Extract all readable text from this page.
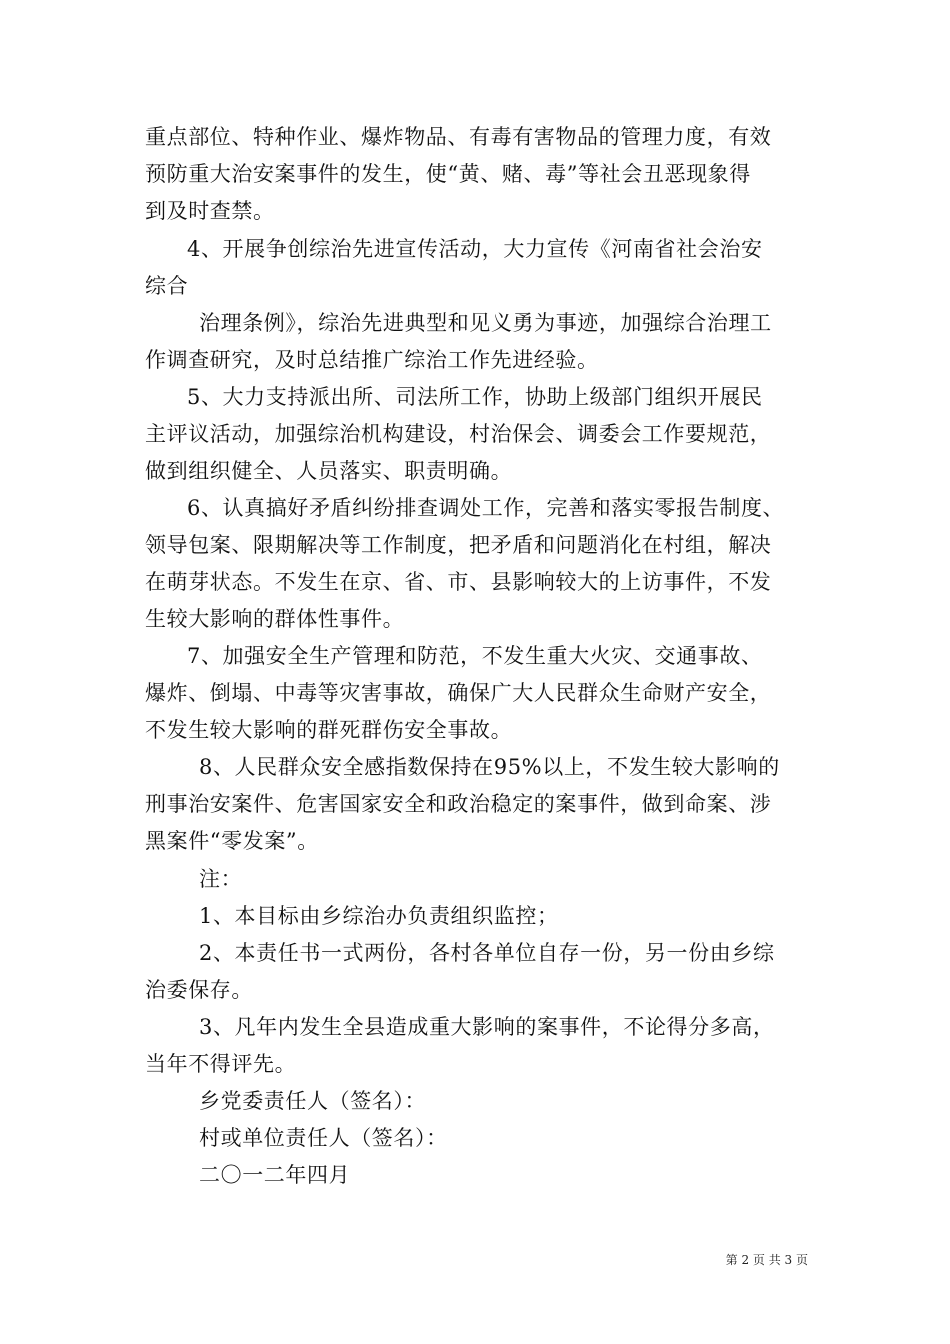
重点部位、特种作业、爆炸物品、有毒有害物品的管理力度，有效
预防重大治安案事件的发生，使“黄、赌、毒”等社会丑恶现象得
到及时查禁。
4、开展争创综治先进宣传活动，大力宣传《河南省社会治安
综合
治理条例》，综治先进典型和见义勇为事迹，加强综合治理工
作调查研究，及时总结推广综治工作先进经验。
5、大力支持派出所、司法所工作，协助上级部门组织开展民
主评议活动，加强综治机构建设，村治保会、调委会工作要规范，
做到组织健全、人员落实、职责明确。
6、认真搞好矛盾纠纷排查调处工作，完善和落实零报告制度、
领导包案、限期解决等工作制度，把矛盾和问题消化在村组，解决
在萌芽状态。不发生在京、省、市、县影响较大的上访事件，不发
生较大影响的群体性事件。
7、加强安全生产管理和防范，不发生重大火灾、交通事故、
爆炸、倒塌、中毒等灾害事故，确保广大人民群众生命财产安全，
不发生较大影响的群死群伤安全事故。
8、人民群众安全感指数保持在95%以上，不发生较大影响的
刑事治安案件、危害国家安全和政治稳定的案事件，做到命案、涉
黑案件“零发案”。
注：
1、本目标由乡综治办负责组织监控；
2、本责任书一式两份，各村各单位自存一份，另一份由乡综
治委保存。
3、凡年内发生全县造成重大影响的案事件，不论得分多高，
当年不得评先。
乡党委责任人（签名）：
村或单位责任人（签名）：
二〇一二年四月
第 2 页 共 3 页
